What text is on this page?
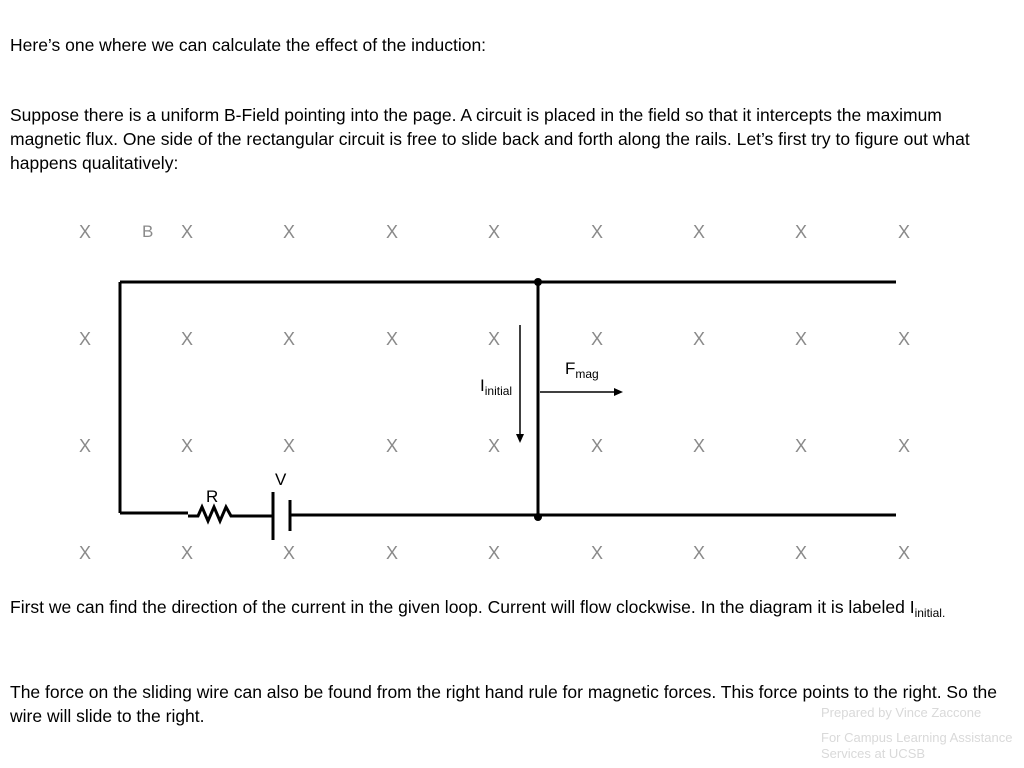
Here’s one where we can calculate the effect of the induction:

Suppose there is a uniform B-Field pointing into the page. A circuit is placed in the field so that it intercepts the maximum magnetic flux. One side of the rectangular circuit is free to slide back and forth along the rails. Let’s first try to figure out what happens qualitatively:

X	X	X	X	X	X	X	X	X
X	X	X	X	X	X	X	X	X
X	X	X	X	X	X	X	X	X
X	X	X	X	X	X	X	X	X
B
R
V
$I_{initial}$
$F_{mag}$

First we can find the direction of the current in the given loop. Current will flow clockwise. In the diagram it is labeled $I_{initial.}$

The force on the sliding wire can also be found from the right hand rule for magnetic forces. This force points to the right. So the wire will slide to the right.	Prepared by Vince Zaccone
For Campus Learning Assistance Services at UCSB
